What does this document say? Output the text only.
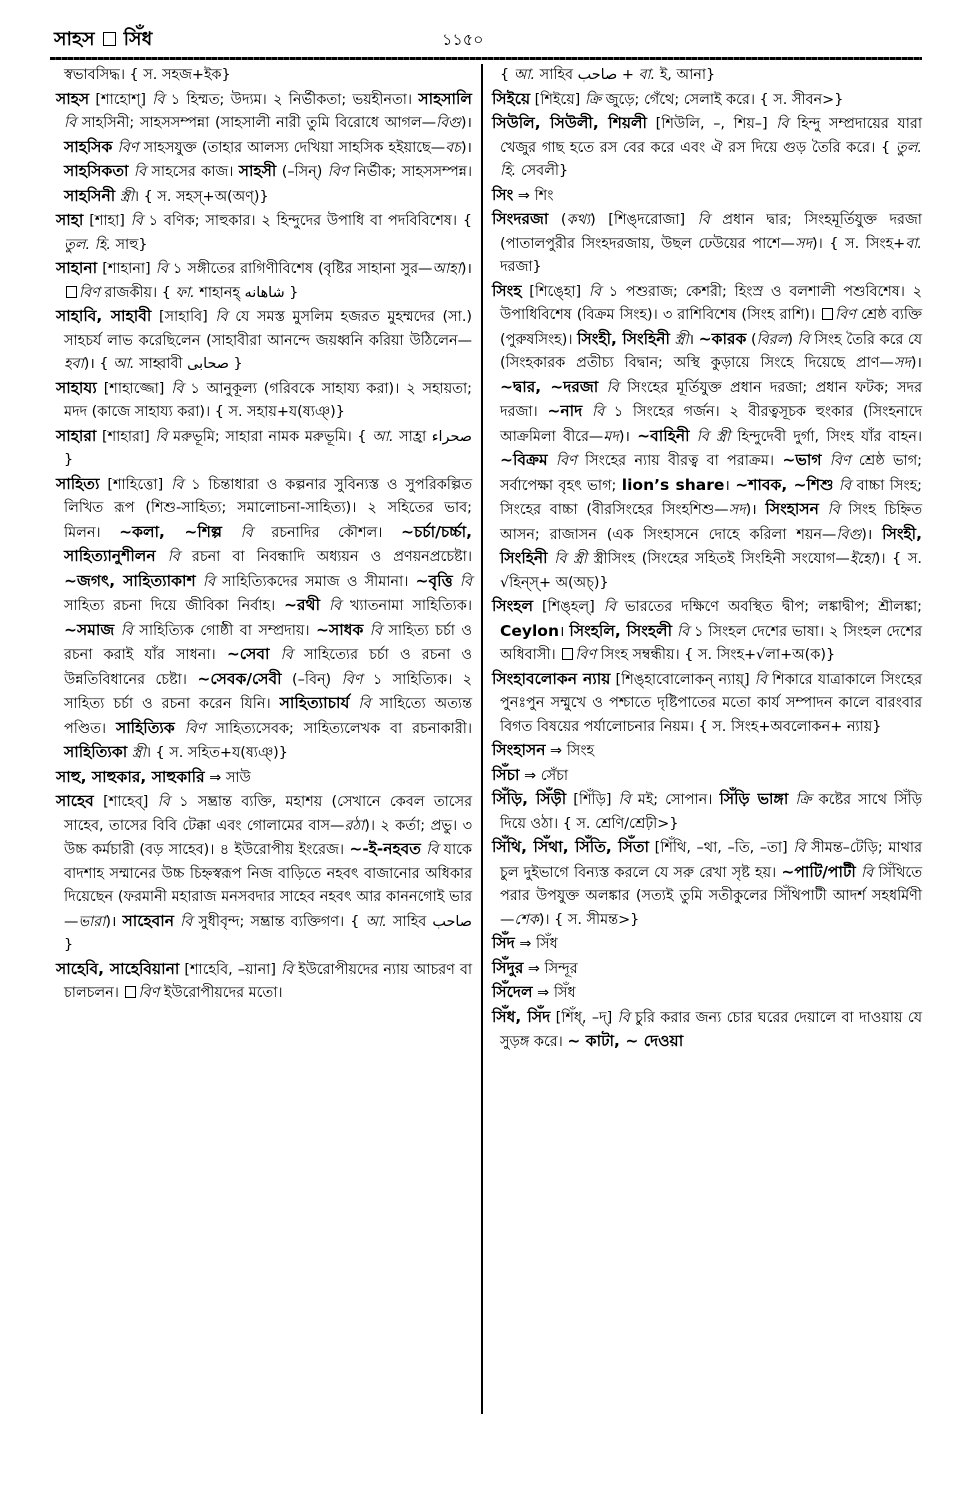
সাহস সিঁধ	১১৫০

স্বভাবসিদ্ধ। { স. সহজ+ইক}

সাহস [শাহোশ্] বি ১ হিম্মত; উদ্যম। ২ নির্ভীকতা; ভয়হীনতা। সাহসালি বি সাহসিনী; সাহসসম্পন্না (সাহসালী নারী তুমি বিরোধে আগল—বিগু)। সাহসিক বিণ সাহসযুক্ত (তাহার আলস্য দেখিয়া সাহসিক হইয়াছে—বচ)। সাহসিকতা বি সাহসের কাজ। সাহসী (–সিন্) বিণ নির্ভীক; সাহসসম্পন্ন। সাহসিনী স্ত্রী। { স. সহস্+অ(অণ্)}

সাহা [শাহা] বি ১ বণিক; সাহুকার। ২ হিন্দুদের উপাধি বা পদবিবিশেষ। { তুল. হি. সাহু}

সাহানা [শাহানা] বি ১ সঙ্গীতের রাগিণীবিশেষ (বৃষ্টির সাহানা সুর—আহা)। বিণ রাজকীয়। { ফা. শাহানহ্ شاهانه }

সাহাবি, সাহাবী [সাহাবি] বি যে সমস্ত মুসলিম হজরত মুহম্মদের (সা.) সাহচর্য লাভ করেছিলেন (সাহাবীরা আনন্দে জয়ধ্বনি করিয়া উঠিলেন—হবা)। { আ. সাহ্বাবী صحابی }

সাহায্য [শাহাজ্জো] বি ১ আনুকূল্য (গরিবকে সাহায্য করা)। ২ সহায়তা; মদদ (কাজে সাহায্য করা)। { স. সহায়+য(ষ্যঞ্)}

সাহারা [শাহারা] বি মরুভূমি; সাহারা নামক মরুভূমি। { আ. সাহ্রা صحراء }

সাহিত্য [শাহিত্তো] বি ১ চিন্তাধারা ও কল্পনার সুবিন্যস্ত ও সুপরিকল্পিত লিখিত রূপ (শিশু-সাহিত্য; সমালোচনা-সাহিত্য)। ২ সহিতের ভাব; মিলন। ~কলা, ~শিল্প বি রচনাদির কৌশল। ~চর্চা/চর্চ্চা, সাহিত্যানুশীলন বি রচনা বা নিবন্ধাদি অধ্যয়ন ও প্রণয়নপ্রচেষ্টা। ~জগৎ, সাহিত্যাকাশ বি সাহিত্যিকদের সমাজ ও সীমানা। ~বৃত্তি বি সাহিত্য রচনা দিয়ে জীবিকা নির্বাহ। ~রথী বি খ্যাতনামা সাহিত্যিক। ~সমাজ বি সাহিত্যিক গোষ্ঠী বা সম্প্রদায়। ~সাধক বি সাহিত্য চর্চা ও রচনা করাই যাঁর সাধনা। ~সেবা বি সাহিত্যের চর্চা ও রচনা ও উন্নতিবিধানের চেষ্টা। ~সেবক/সেবী (–বিন্) বিণ ১ সাহিত্যিক। ২ সাহিত্য চর্চা ও রচনা করেন যিনি। সাহিত্যাচার্য বি সাহিত্যে অত্যন্ত পণ্ডিত। সাহিত্যিক বিণ সাহিত্যসেবক; সাহিত্যলেখক বা রচনাকারী। সাহিত্যিকা স্ত্রী। { স. সহিত+য(ষ্যঞ্)}

সাহু, সাহুকার, সাহুকারি ⇒ সাউ

সাহেব [শাহেব্] বি ১ সম্ভ্রান্ত ব্যক্তি, মহাশয় (সেখানে কেবল তাসের সাহেব, তাসের বিবি টেক্কা এবং গোলামের বাস—রঠা)। ২ কর্তা; প্রভু। ৩ উচ্চ কর্মচারী (বড় সাহেব)। ৪ ইউরোপীয় ইংরেজ। ~-ই-নহবত বি যাকে বাদশাহ সম্মানের উচ্চ চিহ্নস্বরূপ নিজ বাড়িতে নহবৎ বাজানোর অধিকার দিয়েছেন (ফরমানী মহারাজ মনসবদার সাহেব নহবৎ আর কাননগোই ভার—ভারা)। সাহেবান বি সুধীবৃন্দ; সম্ভ্রান্ত ব্যক্তিগণ। { আ. সাহিব صاحب }

সাহেবি, সাহেবিয়ানা [শাহেবি, –য়ানা] বি ইউরোপীয়দের ন্যায় আচরণ বা চালচলন। বিণ ইউরোপীয়দের মতো।

{ আ. সাহিব صاحب + বা. ই, আনা}

সিইয়ে [শিইয়ে] ক্রি জুড়ে; গেঁথে; সেলাই করে। { স. সীবন>}

সিউলি, সিউলী, শিয়লী [শিউলি, –, শিয়–] বি হিন্দু সম্প্রদায়ের যারা খেজুর গাছ হতে রস বের করে এবং ঐ রস দিয়ে গুড় তৈরি করে। { তুল. হি. সেবলী}

সিং ⇒ শিং

সিংদরজা (কথ্য) [শিঙ্দরোজা] বি প্রধান দ্বার; সিংহমূর্তিযুক্ত দরজা (পাতালপুরীর সিংহদরজায়, উছল ঢেউয়ের পাশে—সদ)। { স. সিংহ+বা. দরজা}

সিংহ [শিঙ্হো] বি ১ পশুরাজ; কেশরী; হিংস্র ও বলশালী পশুবিশেষ। ২ উপাধিবিশেষ (বিক্রম সিংহ)। ৩ রাশিবিশেষ (সিংহ রাশি)। বিণ শ্রেষ্ঠ ব্যক্তি (পুরুষসিংহ)। সিংহী, সিংহিনী স্ত্রী। ~কারক (বিরল) বি সিংহ তৈরি করে যে (সিংহকারক প্রতীচ্য বিদ্বান; অস্থি কুড়ায়ে সিংহে দিয়েছে প্রাণ—সদ)। ~দ্বার, ~দরজা বি সিংহের মূর্তিযুক্ত প্রধান দরজা; প্রধান ফটক; সদর দরজা। ~নাদ বি ১ সিংহের গর্জন। ২ বীরত্বসূচক হুংকার (সিংহনাদে আক্রমিলা বীরে—মদ)। ~বাহিনী বি স্ত্রী হিন্দুদেবী দুর্গা, সিংহ যাঁর বাহন। ~বিক্রম বিণ সিংহের ন্যায় বীরত্ব বা পরাক্রম। ~ভাগ বিণ শ্রেষ্ঠ ভাগ; সর্বাপেক্ষা বৃহৎ ভাগ; lion’s share। ~শাবক, ~শিশু বি বাচ্চা সিংহ; সিংহের বাচ্চা (বীরসিংহের সিংহশিশু—সদ)। সিংহাসন বি সিংহ চিহ্নিত আসন; রাজাসন (এক সিংহাসনে দোহে করিলা শয়ন—বিগু)। সিংহী, সিংহিনী বি স্ত্রী স্ত্রীসিংহ (সিংহের সহিতই সিংহিনী সংযোগ—ইহো)। { স. √হিন্স্+ অ(অচ্)}

সিংহল [শিঙ্হল্] বি ভারতের দক্ষিণে অবস্থিত দ্বীপ; লঙ্কাদ্বীপ; শ্রীলঙ্কা; Ceylon। সিংহলি, সিংহলী বি ১ সিংহল দেশের ভাষা। ২ সিংহল দেশের অধিবাসী। বিণ সিংহ সম্বন্ধীয়। { স. সিংহ+√লা+অ(ক)}

সিংহাবলোকন ন্যায় [শিঙ্হাবোলোকন্ ন্যায়্] বি শিকারে যাত্রাকালে সিংহের পুনঃপুন সম্মুখে ও পশ্চাতে দৃষ্টিপাতের মতো কার্য সম্পাদন কালে বারংবার বিগত বিষয়ের পর্যালোচনার নিয়ম। { স. সিংহ+অবলোকন+ ন্যায়}

সিংহাসন ⇒ সিংহ

সিঁচা ⇒ সেঁচা

সিঁড়ি, সিঁড়ী [শিঁড়ি] বি মই; সোপান। সিঁড়ি ভাঙ্গা ক্রি কষ্টের সাথে সিঁড়ি দিয়ে ওঠা। { স. শ্রেণি/শ্রেঢ়ী>}

সিঁথি, সিঁথা, সিঁতি, সিঁতা [শিঁথি, –থা, –তি, –তা] বি সীমন্ত–টেড়ি; মাথার চুল দুইভাগে বিন্যস্ত করলে যে সরু রেখা সৃষ্ট হয়। ~পাটি/পাটী বি সিঁথিতে পরার উপযুক্ত অলঙ্কার (সত্যই তুমি সতীকুলের সিঁথিপাটী আদর্শ সহধর্মিণী—শেক)। { স. সীমন্ত>}

সিঁদ ⇒ সিঁধ

সিঁদুর ⇒ সিন্দূর

সিঁদেল ⇒ সিঁধ

সিঁধ, সিঁদ [শিঁধ্, –দ্] বি চুরি করার জন্য চোর ঘরের দেয়ালে বা দাওয়ায় যে সুড়ঙ্গ করে। ~ কাটা, ~ দেওয়া
